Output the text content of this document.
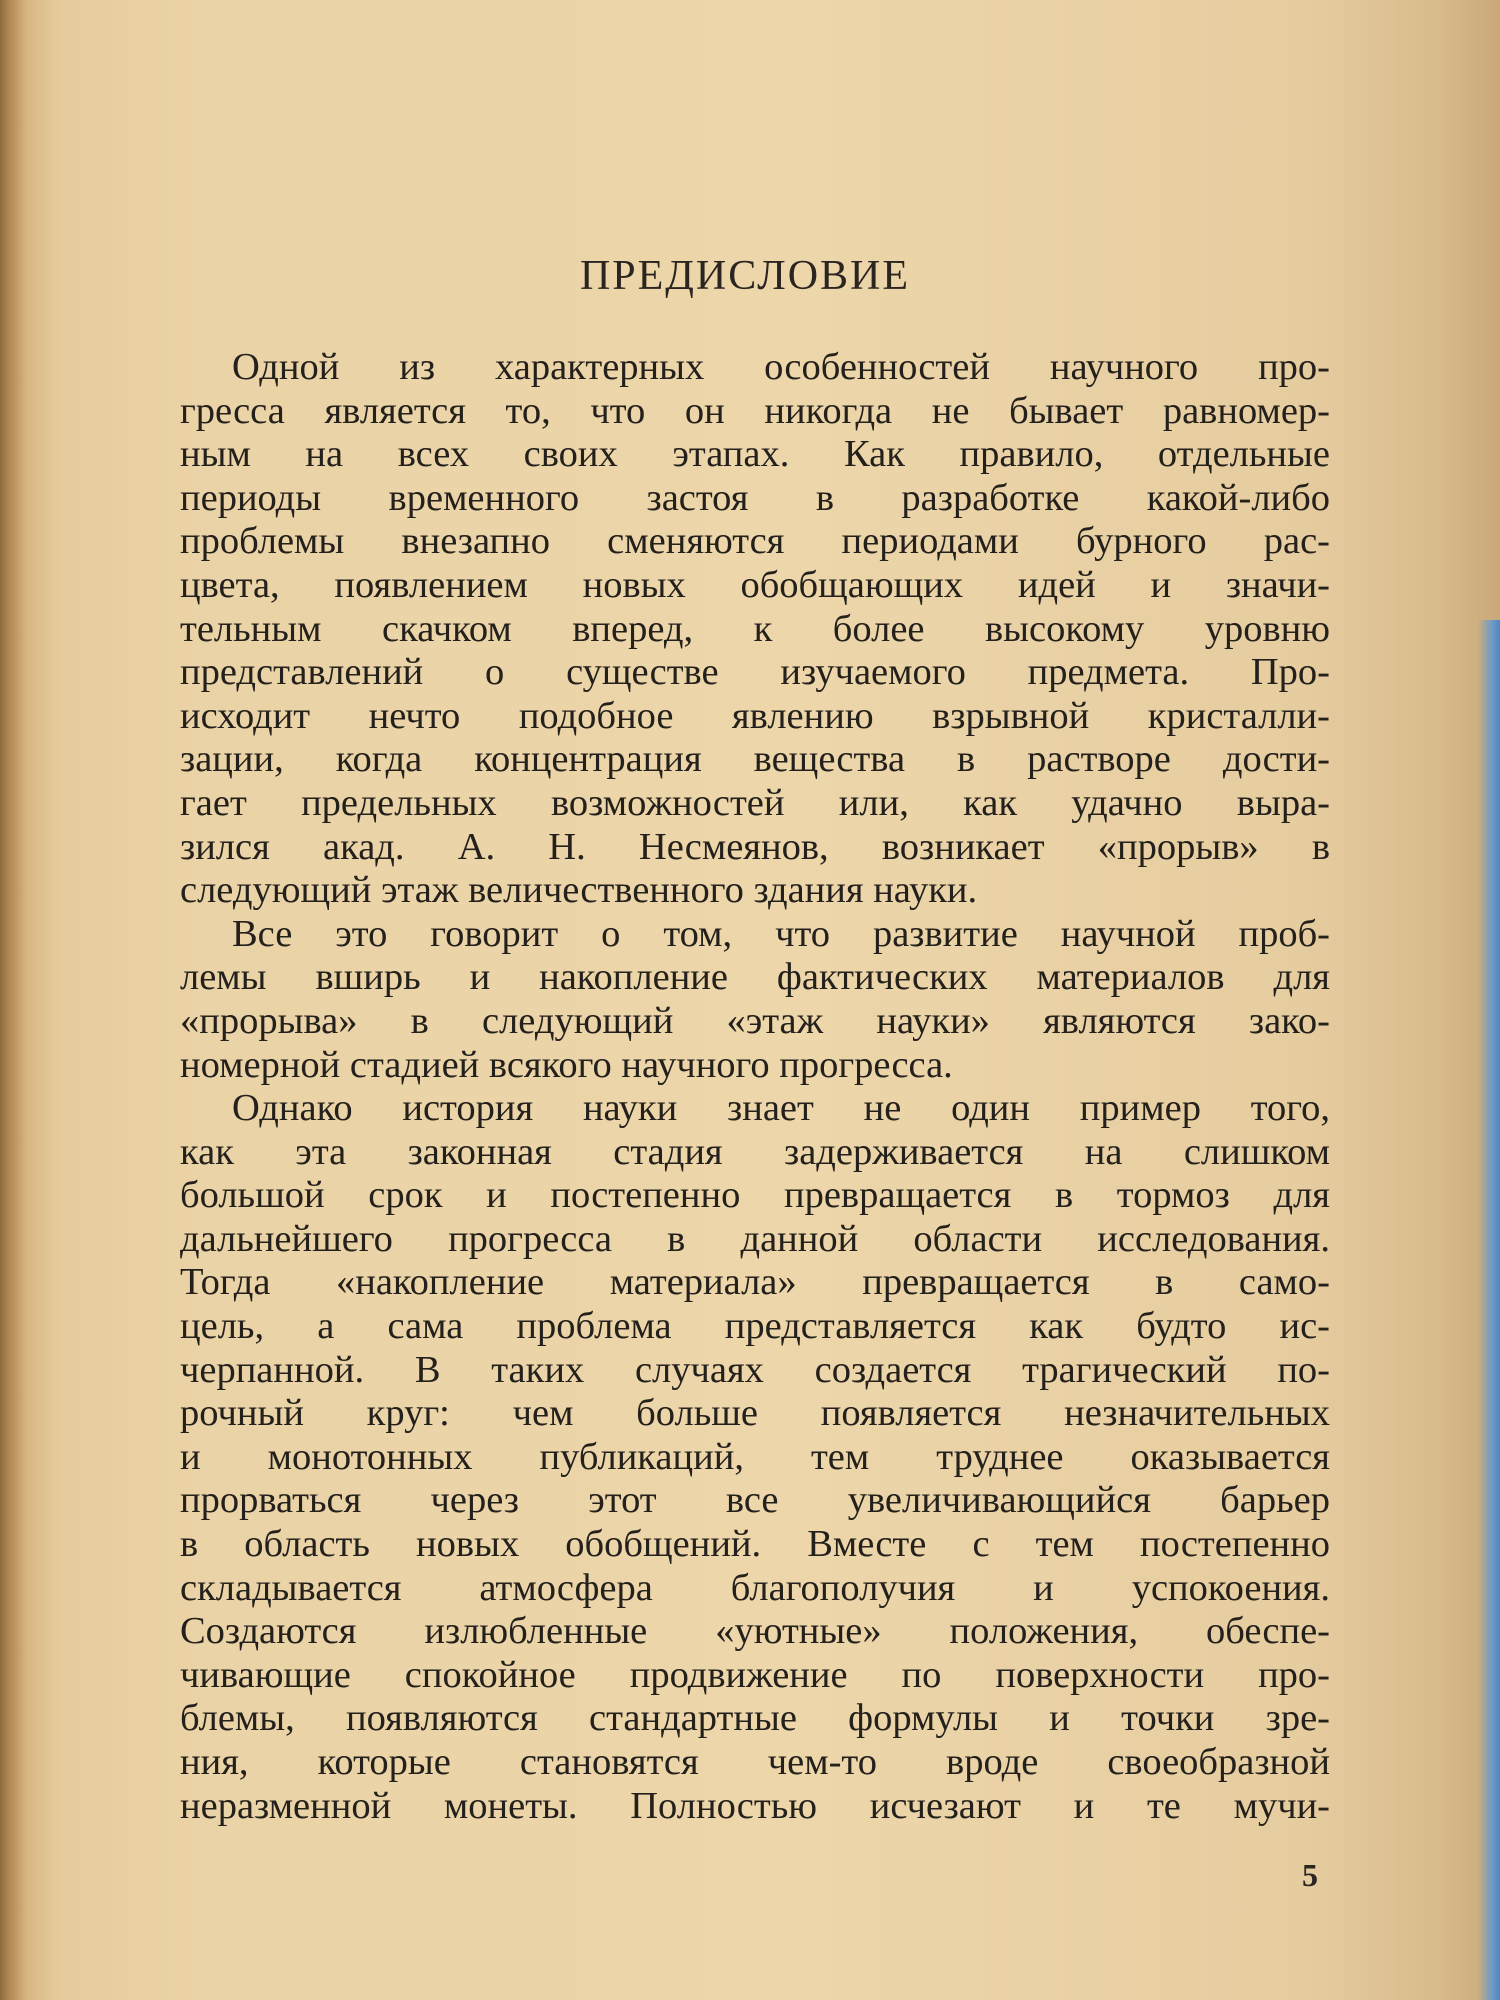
ПРЕДИСЛОВИЕ
Одной из характерных особенностей научного про-
гресса является то, что он никогда не бывает равномер-
ным на всех своих этапах. Как правило, отдельные
периоды временного застоя в разработке какой-либо
проблемы внезапно сменяются периодами бурного рас-
цвета, появлением новых обобщающих идей и значи-
тельным скачком вперед, к более высокому уровню
представлений о существе изучаемого предмета. Про-
исходит нечто подобное явлению взрывной кристалли-
зации, когда концентрация вещества в растворе дости-
гает предельных возможностей или, как удачно выра-
зился акад. А. Н. Несмеянов, возникает «прорыв» в
следующий этаж величественного здания науки.
Все это говорит о том, что развитие научной проб-
лемы вширь и накопление фактических материалов для
«прорыва» в следующий «этаж науки» являются зако-
номерной стадией всякого научного прогресса.
Однако история науки знает не один пример того,
как эта законная стадия задерживается на слишком
большой срок и постепенно превращается в тормоз для
дальнейшего прогресса в данной области исследования.
Тогда «накопление материала» превращается в само-
цель, а сама проблема представляется как будто ис-
черпанной. В таких случаях создается трагический по-
рочный круг: чем больше появляется незначительных
и монотонных публикаций, тем труднее оказывается
прорваться через этот все увеличивающийся барьер
в область новых обобщений. Вместе с тем постепенно
складывается атмосфера благополучия и успокоения.
Создаются излюбленные «уютные» положения, обеспе-
чивающие спокойное продвижение по поверхности про-
блемы, появляются стандартные формулы и точки зре-
ния, которые становятся чем-то вроде своеобразной
неразменной монеты. Полностью исчезают и те мучи-
5
